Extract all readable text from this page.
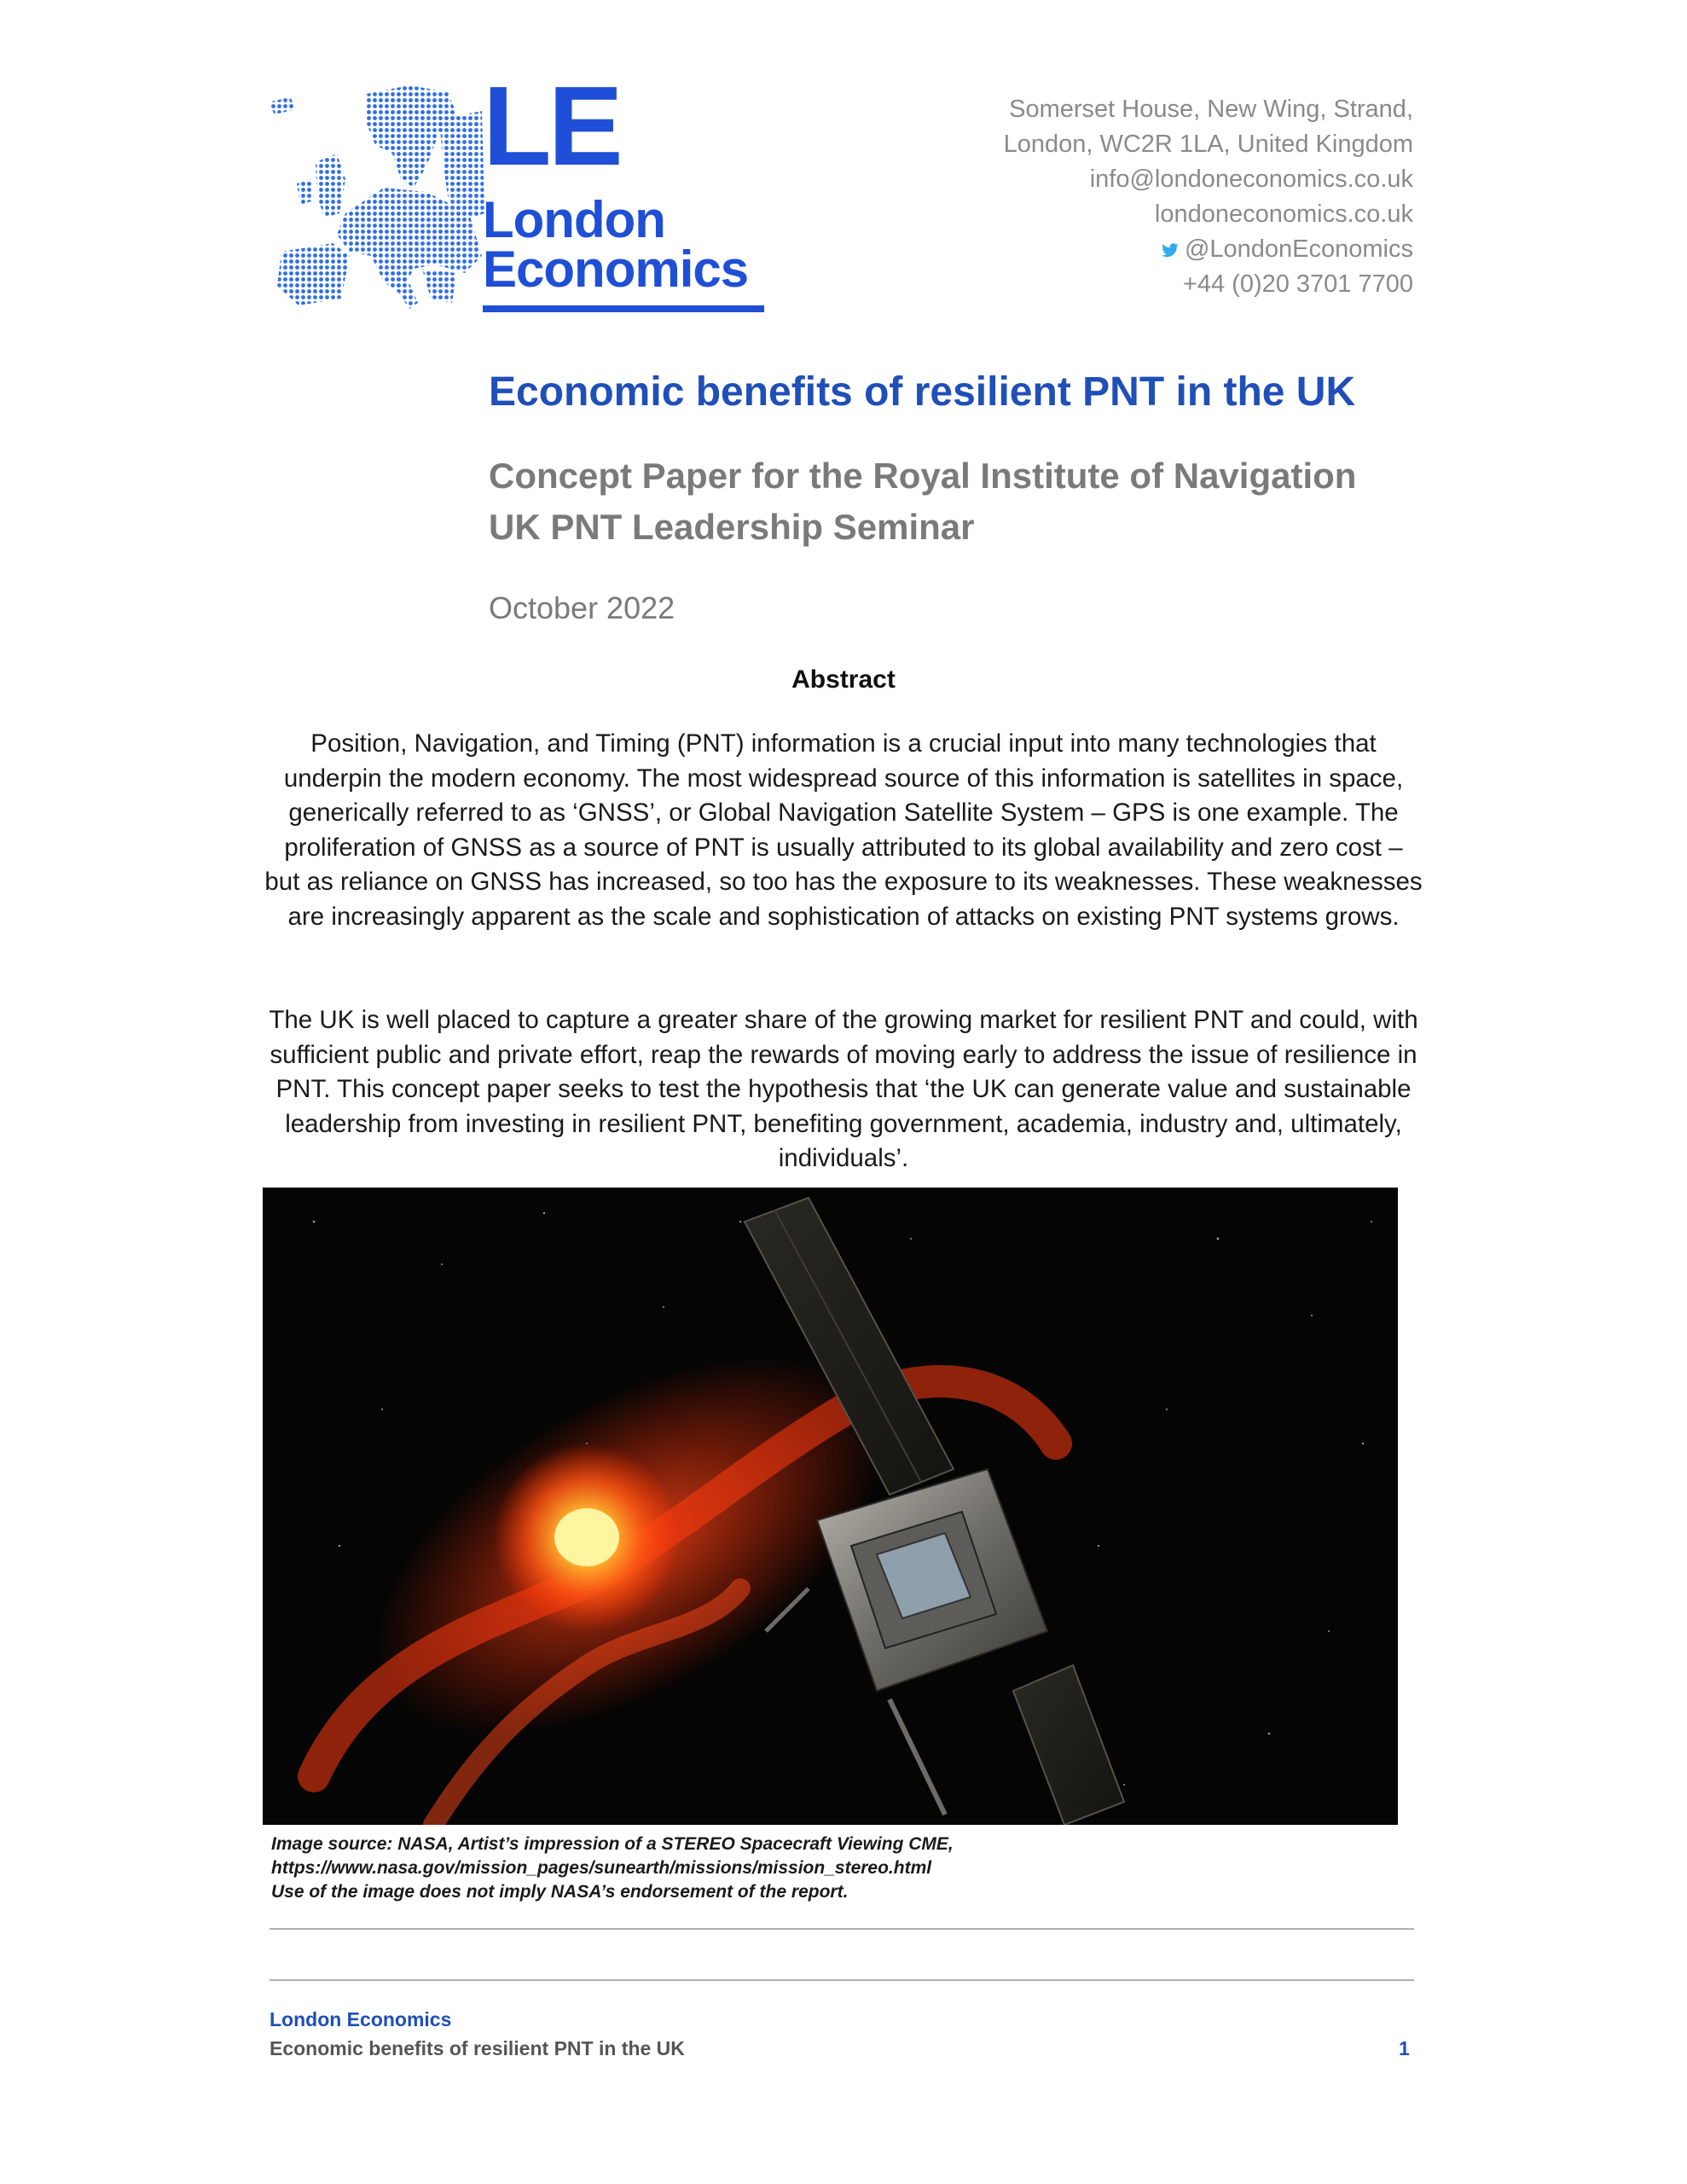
LE
London
Economics
Somerset House, New Wing, Strand,
London, WC2R 1LA, United Kingdom
info@londoneconomics.co.uk
londoneconomics.co.uk
@LondonEconomics
+44 (0)20 3701 7700
Economic benefits of resilient PNT in the UK
Concept Paper for the Royal Institute of Navigation
UK PNT Leadership Seminar
October 2022
Abstract
Position, Navigation, and Timing (PNT) information is a crucial input into many technologies that underpin the modern economy. The most widespread source of this information is satellites in space, generically referred to as ‘GNSS’, or Global Navigation Satellite System – GPS is one example. The proliferation of GNSS as a source of PNT is usually attributed to its global availability and zero cost – but as reliance on GNSS has increased, so too has the exposure to its weaknesses. These weaknesses are increasingly apparent as the scale and sophistication of attacks on existing PNT systems grows.
The UK is well placed to capture a greater share of the growing market for resilient PNT and could, with sufficient public and private effort, reap the rewards of moving early to address the issue of resilience in PNT. This concept paper seeks to test the hypothesis that ‘the UK can generate value and sustainable leadership from investing in resilient PNT, benefiting government, academia, industry and, ultimately, individuals’.
Image source: NASA, Artist’s impression of a STEREO Spacecraft Viewing CME,
https://www.nasa.gov/mission_pages/sunearth/missions/mission_stereo.html
Use of the image does not imply NASA’s endorsement of the report.
London Economics
Economic benefits of resilient PNT in the UK	1
